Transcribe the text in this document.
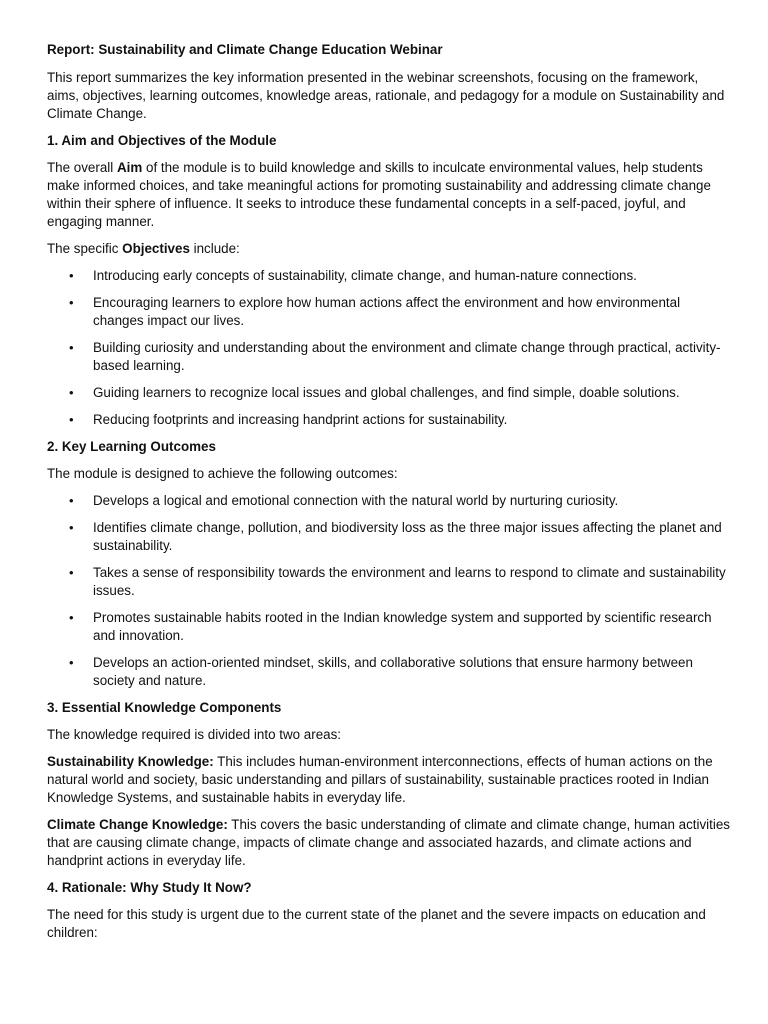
Report: Sustainability and Climate Change Education Webinar

This report summarizes the key information presented in the webinar screenshots, focusing on the framework, aims, objectives, learning outcomes, knowledge areas, rationale, and pedagogy for a module on Sustainability and Climate Change.

1. Aim and Objectives of the Module

The overall Aim of the module is to build knowledge and skills to inculcate environmental values, help students make informed choices, and take meaningful actions for promoting sustainability and addressing climate change within their sphere of influence. It seeks to introduce these fundamental concepts in a self-paced, joyful, and engaging manner.

The specific Objectives include:

• Introducing early concepts of sustainability, climate change, and human-nature connections.
• Encouraging learners to explore how human actions affect the environment and how environmental changes impact our lives.
• Building curiosity and understanding about the environment and climate change through practical, activity-based learning.
• Guiding learners to recognize local issues and global challenges, and find simple, doable solutions.
• Reducing footprints and increasing handprint actions for sustainability.
2. Key Learning Outcomes

The module is designed to achieve the following outcomes:

• Develops a logical and emotional connection with the natural world by nurturing curiosity.
• Identifies climate change, pollution, and biodiversity loss as the three major issues affecting the planet and sustainability.
• Takes a sense of responsibility towards the environment and learns to respond to climate and sustainability issues.
• Promotes sustainable habits rooted in the Indian knowledge system and supported by scientific research and innovation.
• Develops an action-oriented mindset, skills, and collaborative solutions that ensure harmony between society and nature.
3. Essential Knowledge Components

The knowledge required is divided into two areas:

Sustainability Knowledge: This includes human-environment interconnections, effects of human actions on the natural world and society, basic understanding and pillars of sustainability, sustainable practices rooted in Indian Knowledge Systems, and sustainable habits in everyday life.

Climate Change Knowledge: This covers the basic understanding of climate and climate change, human activities that are causing climate change, impacts of climate change and associated hazards, and climate actions and handprint actions in everyday life.

4. Rationale: Why Study It Now?

The need for this study is urgent due to the current state of the planet and the severe impacts on education and children:
